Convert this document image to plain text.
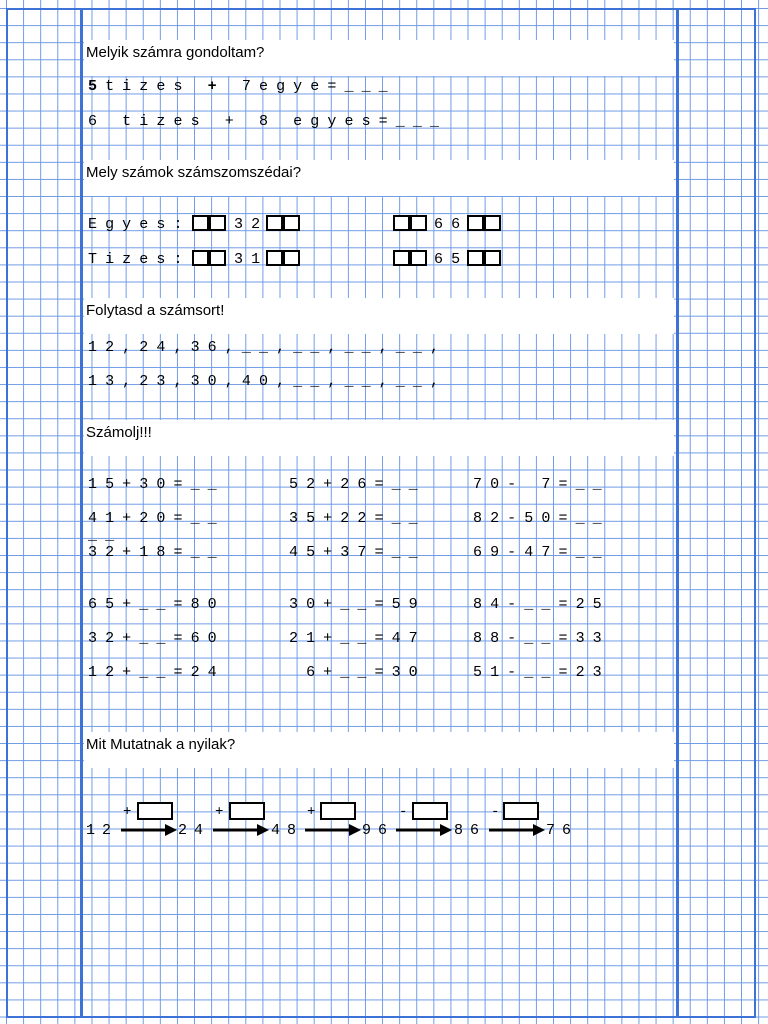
Melyik számra gondoltam?
5 t i z e s + 7 e g y e = _ _ _
6 t i z e s + 8 e g y e s = _ _ _
Mely számok számszomszédai?
E g y e s :	3 2	6 6
T i z e s :	3 1	6 5
Folytasd a számsort!
1 2 , 2 4 , 3 6 , _ _ , _ _ , _ _ , _ _ ,
1 3 , 2 3 , 3 0 , 4 0 , _ _ , _ _ , _ _ ,
Számolj!!!
1 5 + 3 0 = _ _	5 2 + 2 6 = _ _	7 0 - 7 = _ _
4 1 + 2 0 = _ _	3 5 + 2 2 = _ _	8 2 - 5 0 = _ _
_ _
3 2 + 1 8 = _ _	4 5 + 3 7 = _ _	6 9 - 4 7 = _ _
6 5 + _ _ = 8 0	3 0 + _ _ = 5 9	8 4 - _ _ = 2 5
3 2 + _ _ = 6 0	2 1 + _ _ = 4 7	8 8 - _ _ = 3 3
1 2 + _ _ = 2 4	6 + _ _ = 3 0	5 1 - _ _ = 2 3
Mit Mutatnak a nyilak?
12	24	48	96	86	76
+	+	+	-	-
